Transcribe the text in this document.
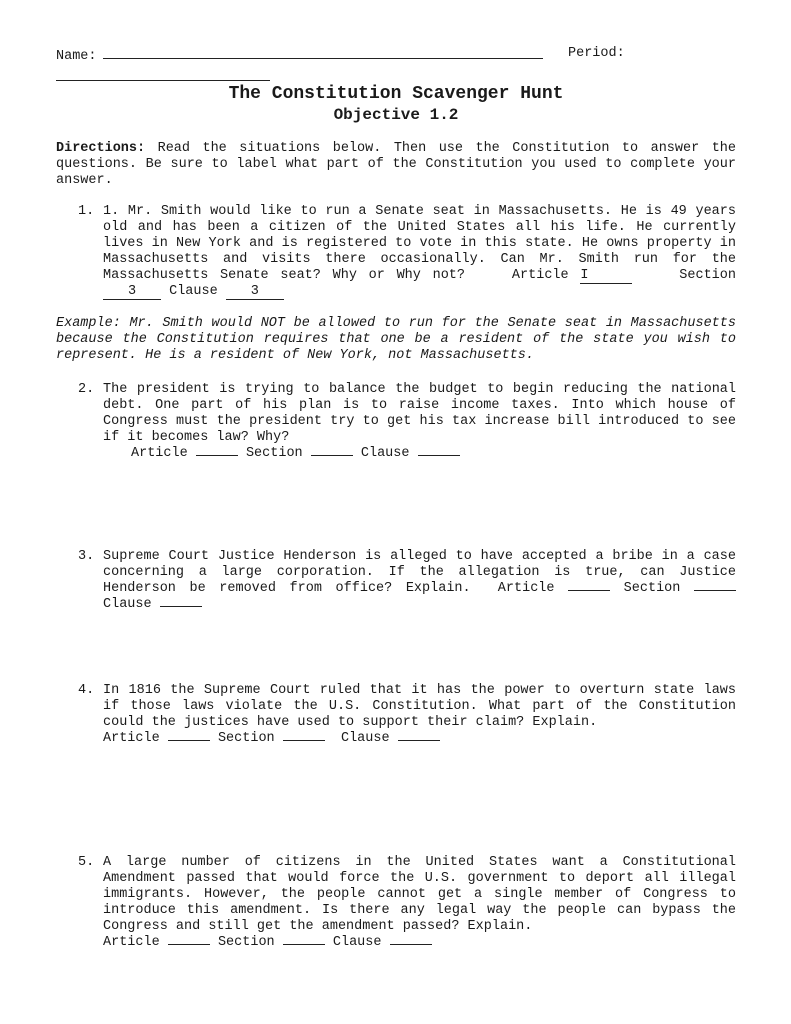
Name:	Period:
The Constitution Scavenger Hunt
Objective 1.2
Directions: Read the situations below. Then use the Constitution to answer the questions. Be sure to label what part of the Constitution you used to complete your answer.
1. 1. Mr. Smith would like to run a Senate seat in Massachusetts. He is 49 years old and has been a citizen of the United States all his life. He currently lives in New York and is registered to vote in this state. He owns property in Massachusetts and visits there occasionally. Can Mr. Smith run for the Massachusetts Senate seat? Why or Why not?	Article I	Section 3 Clause 3
Example: Mr. Smith would NOT be allowed to run for the Senate seat in Massachusetts because the Constitution requires that one be a resident of the state you wish to represent. He is a resident of New York, not Massachusetts.
2. The president is trying to balance the budget to begin reducing the national debt. One part of his plan is to raise income taxes. Into which house of Congress must the president try to get his tax increase bill introduced to see if it becomes law? Why?
Article	Section	Clause
3. Supreme Court Justice Henderson is alleged to have accepted a bribe in a case concerning a large corporation. If the allegation is true, can Justice Henderson be removed from office? Explain. Article	Section  Clause
4. In 1816 the Supreme Court ruled that it has the power to overturn state laws if those laws violate the U.S. Constitution. What part of the Constitution could the justices have used to support their claim? Explain.
Article	Section	Clause
5. A large number of citizens in the United States want a Constitutional Amendment passed that would force the U.S. government to deport all illegal immigrants. However, the people cannot get a single member of Congress to introduce this amendment. Is there any legal way the people can bypass the Congress and still get the amendment passed? Explain.
Article	Section	Clause
